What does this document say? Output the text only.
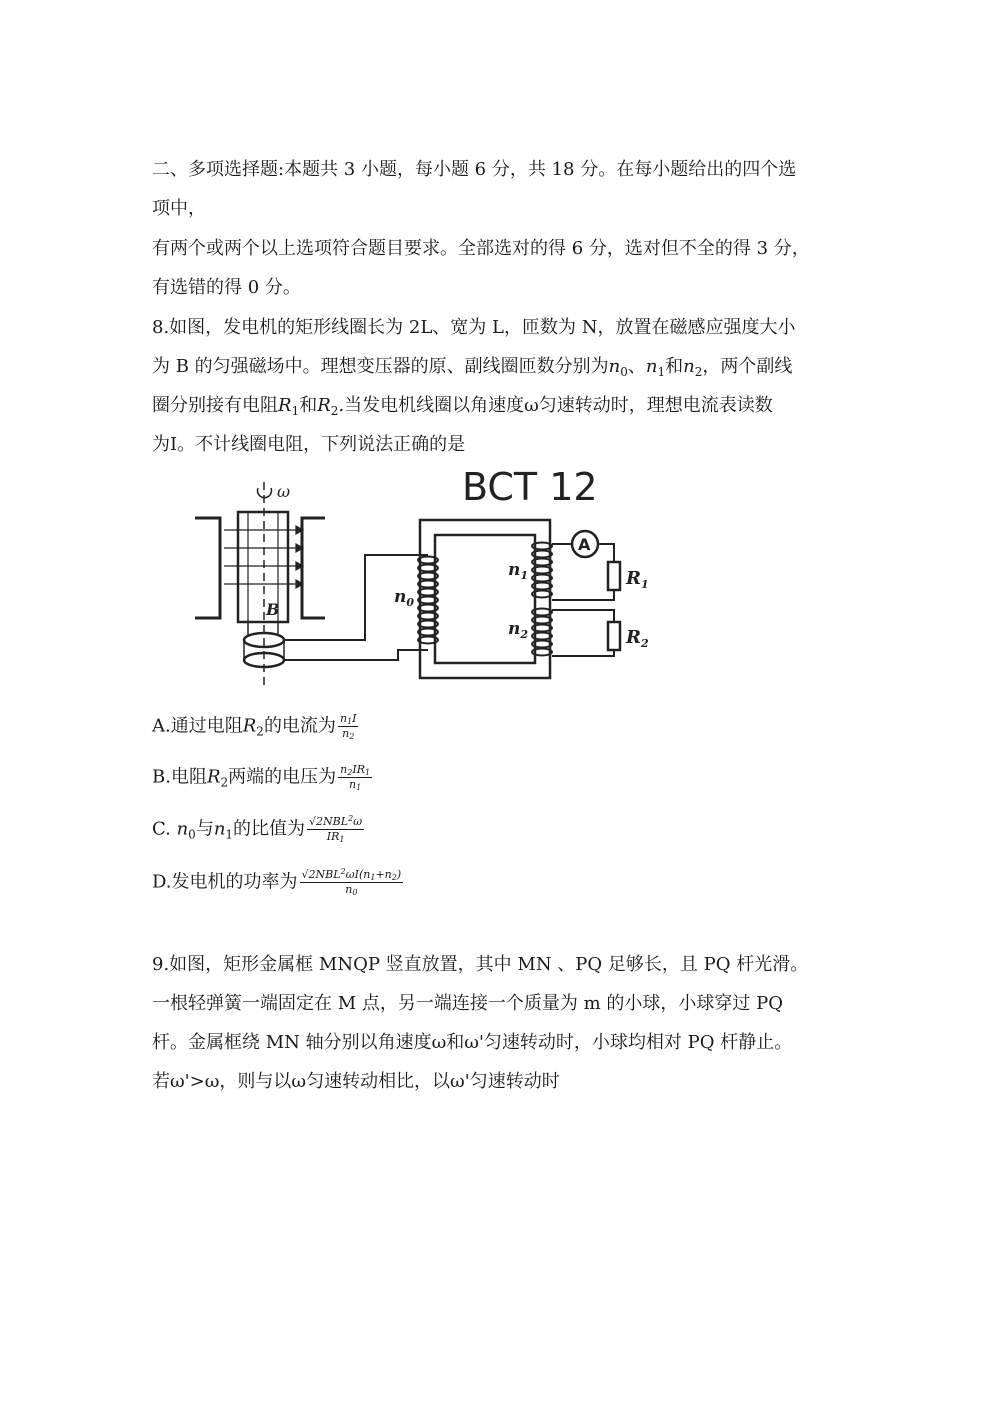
二、多项选择题:本题共 3 小题，每小题 6 分，共 18 分。在每小题给出的四个选
项中，
有两个或两个以上选项符合题目要求。全部选对的得 6 分，选对但不全的得 3 分，
有选错的得 0 分。
8.如图，发电机的矩形线圈长为 2L、宽为 L，匝数为 N，放置在磁感应强度大小
为 B 的匀强磁场中。理想变压器的原、副线圈匝数分别为$n_0$、$n_1$和$n_2$，两个副线
圈分别接有电阻$R_1$和$R_2$.当发电机线圈以角速度ω匀速转动时，理想电流表读数
为I。不计线圈电阻，下列说法正确的是
BCT 12
ω
B
$n_0$
$n_1$
$n_2$
A
$R_1$
$R_2$
A.通过电阻$R_2$的电流为 $\frac{n_1I}{n_2}$
B.电阻$R_2$两端的电压为 $\frac{n_2IR_1}{n_1}$
C. $n_0$与$n_1$的比值为 $\frac{√2NBL^2\omega}{IR_1}$
D.发电机的功率为 $\frac{√2NBL^2\omega I(n_1+n_2)}{n_0}$
9.如图，矩形金属框 MNQP 竖直放置，其中 MN 、PQ 足够长，且 PQ 杆光滑。
一根轻弹簧一端固定在 M 点，另一端连接一个质量为 m 的小球，小球穿过 PQ
杆。金属框绕 MN 轴分别以角速度ω和ω'匀速转动时，小球均相对 PQ 杆静止。
若ω'>ω，则与以ω匀速转动相比，以ω'匀速转动时
